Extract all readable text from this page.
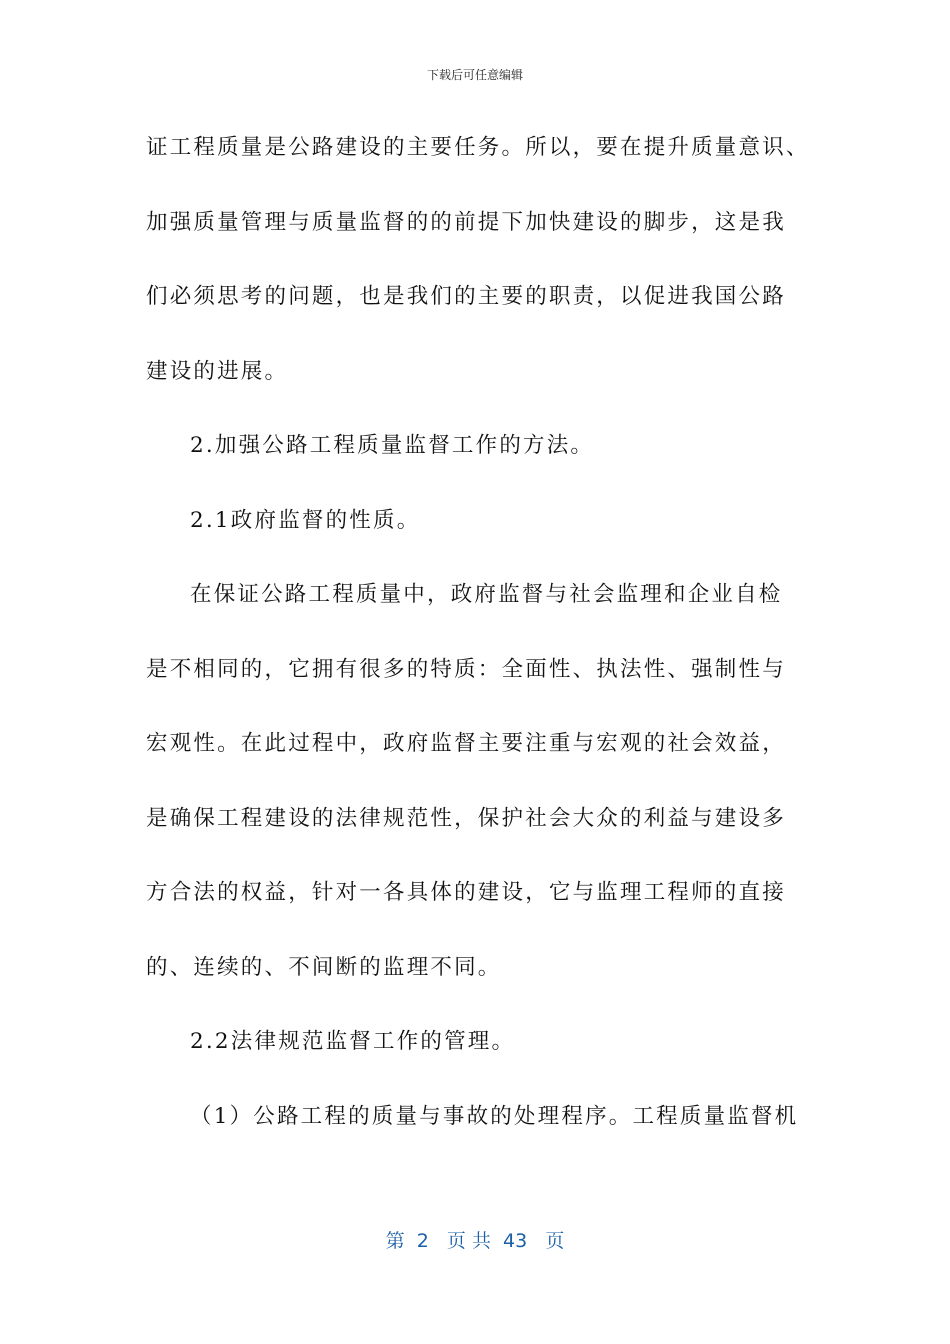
下载后可任意编辑
证工程质量是公路建设的主要任务。所以，要在提升质量意识、
加强质量管理与质量监督的的前提下加快建设的脚步，这是我
们必须思考的问题，也是我们的主要的职责，以促进我国公路
建设的进展。
2.加强公路工程质量监督工作的方法。
2.1政府监督的性质。
在保证公路工程质量中，政府监督与社会监理和企业自检
是不相同的，它拥有很多的特质：全面性、执法性、强制性与
宏观性。在此过程中，政府监督主要注重与宏观的社会效益，
是确保工程建设的法律规范性，保护社会大众的利益与建设多
方合法的权益，针对一各具体的建设，它与监理工程师的直接
的、连续的、不间断的监理不同。
2.2法律规范监督工作的管理。
（1）公路工程的质量与事故的处理程序。工程质量监督机
第  2   页 共  43   页
